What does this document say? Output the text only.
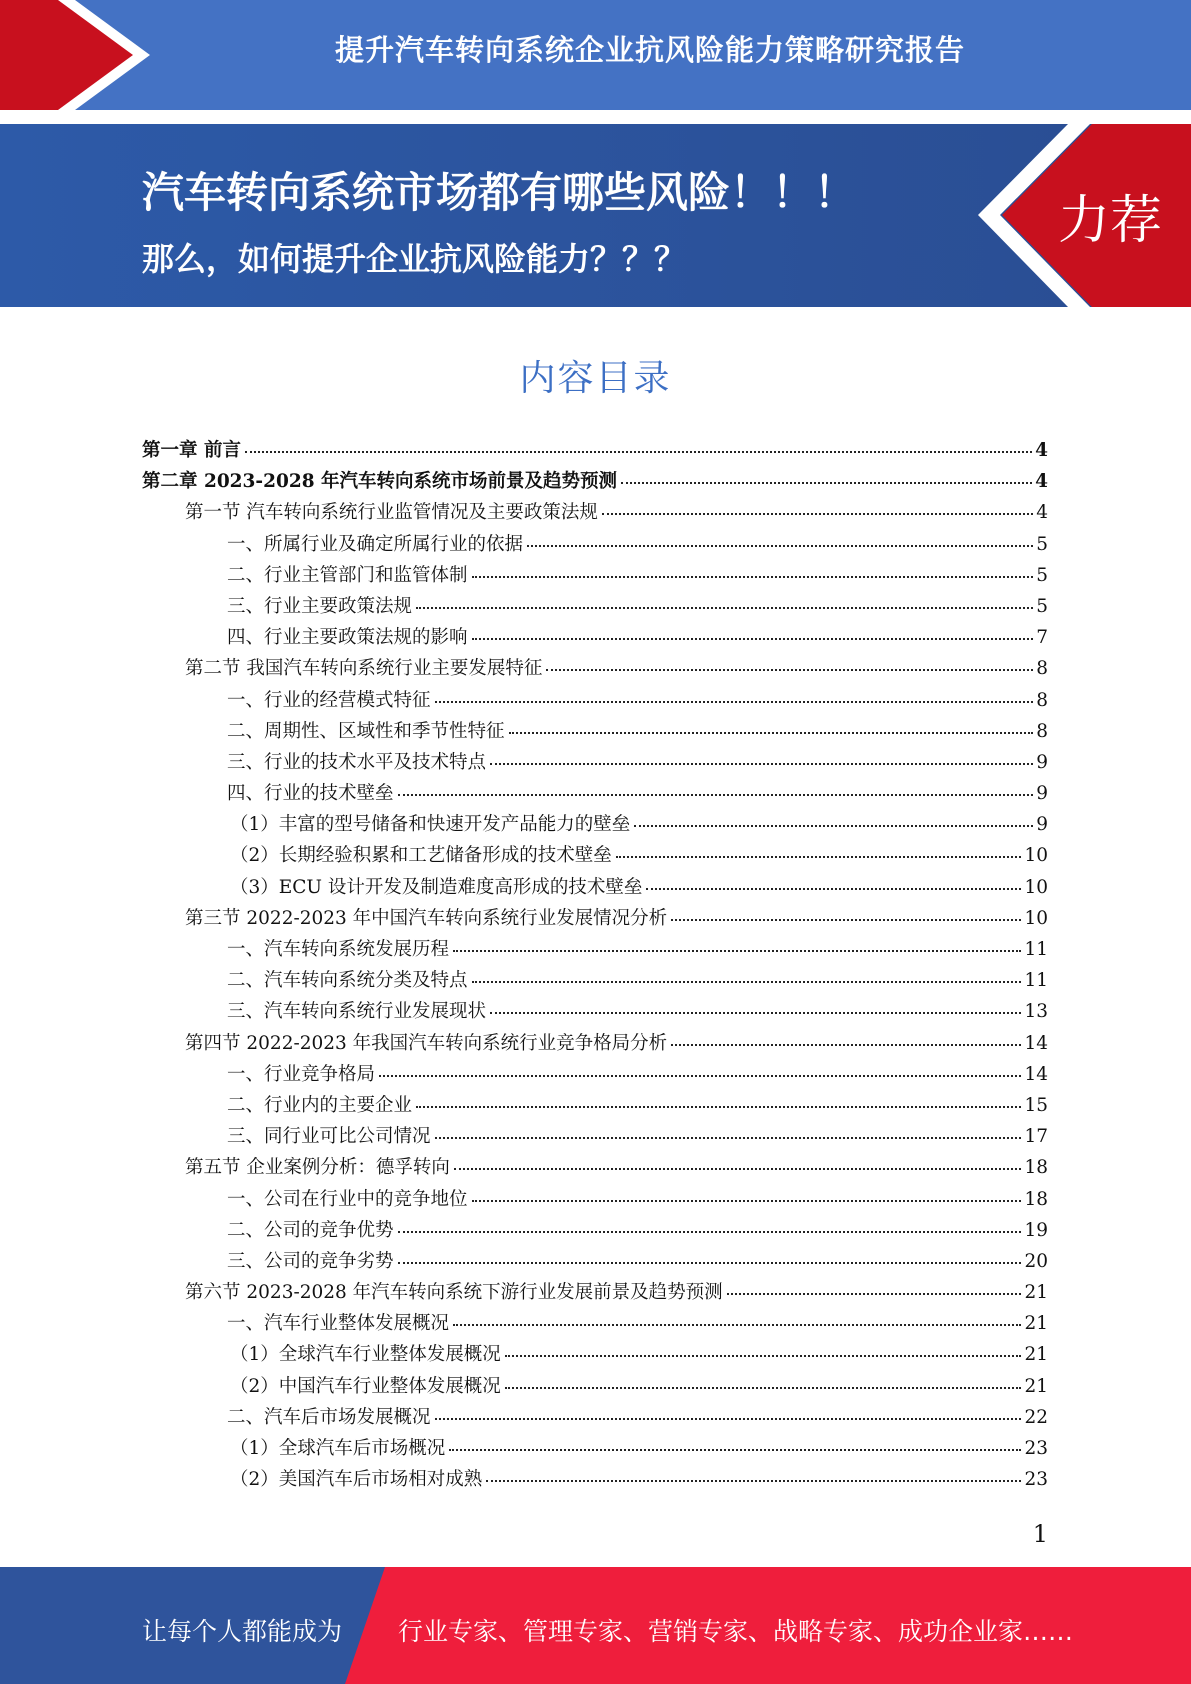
提升汽车转向系统企业抗风险能力策略研究报告
汽车转向系统市场都有哪些风险！！！
那么，如何提升企业抗风险能力？？？
力荐
内容目录
第一章 前言	4
第二章 2023-2028 年汽车转向系统市场前景及趋势预测	4
第一节 汽车转向系统行业监管情况及主要政策法规	4
一、所属行业及确定所属行业的依据	5
二、行业主管部门和监管体制	5
三、行业主要政策法规	5
四、行业主要政策法规的影响	7
第二节 我国汽车转向系统行业主要发展特征	8
一、行业的经营模式特征	8
二、周期性、区域性和季节性特征	8
三、行业的技术水平及技术特点	9
四、行业的技术壁垒	9
（1）丰富的型号储备和快速开发产品能力的壁垒	9
（2）长期经验积累和工艺储备形成的技术壁垒	10
（3）ECU 设计开发及制造难度高形成的技术壁垒	10
第三节 2022-2023 年中国汽车转向系统行业发展情况分析	10
一、汽车转向系统发展历程	11
二、汽车转向系统分类及特点	11
三、汽车转向系统行业发展现状	13
第四节 2022-2023 年我国汽车转向系统行业竞争格局分析	14
一、行业竞争格局	14
二、行业内的主要企业	15
三、同行业可比公司情况	17
第五节 企业案例分析：德孚转向	18
一、公司在行业中的竞争地位	18
二、公司的竞争优势	19
三、公司的竞争劣势	20
第六节 2023-2028 年汽车转向系统下游行业发展前景及趋势预测	21
一、汽车行业整体发展概况	21
（1）全球汽车行业整体发展概况	21
（2）中国汽车行业整体发展概况	21
二、汽车后市场发展概况	22
（1）全球汽车后市场概况	23
（2）美国汽车后市场相对成熟	23
1
让每个人都能成为 行业专家、管理专家、营销专家、战略专家、成功企业家……
